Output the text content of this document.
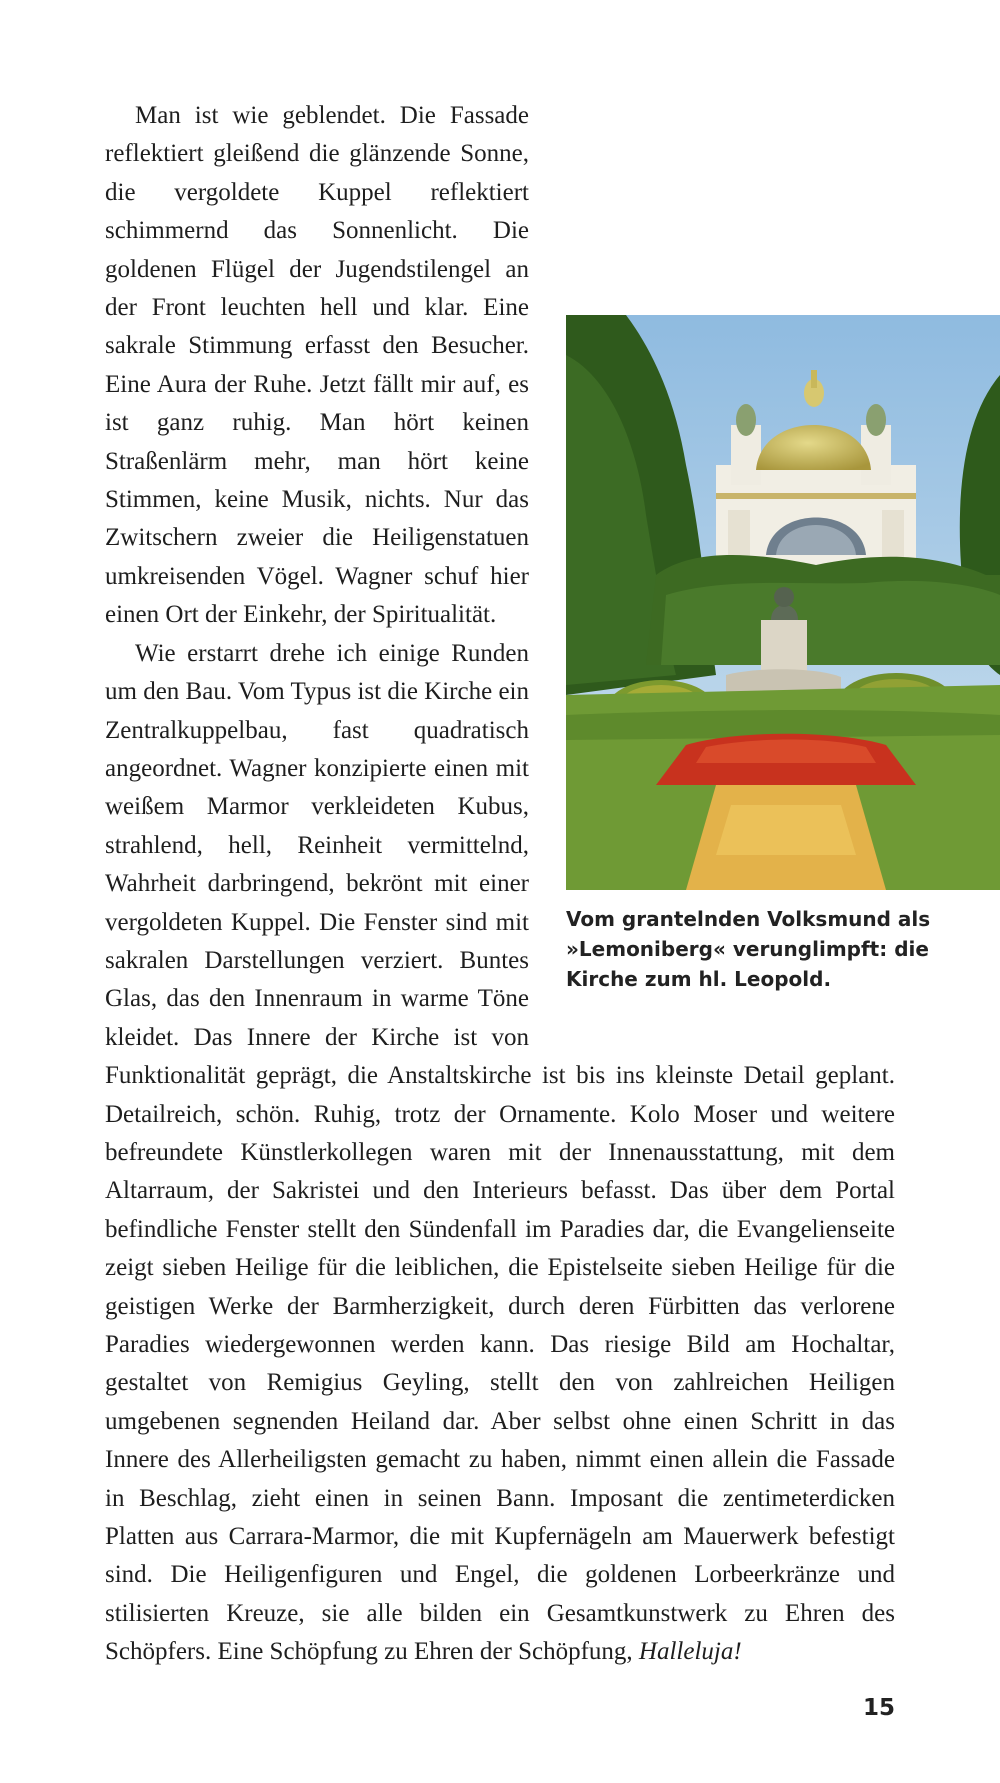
Man ist wie geblendet. Die Fassade reflektiert gleißend die glänzende Sonne, die vergoldete Kuppel reflektiert schimmernd das Sonnenlicht. Die goldenen Flügel der Jugendstilengel an der Front leuchten hell und klar. Eine sakrale Stimmung erfasst den Besucher. Eine Aura der Ruhe. Jetzt fällt mir auf, es ist ganz ruhig. Man hört keinen Straßenlärm mehr, man hört keine Stimmen, keine Musik, nichts. Nur das Zwitschern zweier die Heiligenstatuen umkreisenden Vögel. Wagner schuf hier einen Ort der Einkehr, der Spiritualität.

Wie erstarrt drehe ich einige Runden um den Bau. Vom Typus ist die Kirche ein Zentralkuppelbau, fast quadratisch angeordnet. Wagner konzipierte einen mit weißem Marmor verkleideten Kubus, strahlend, hell, Reinheit vermittelnd, Wahrheit darbringend, bekrönt mit einer vergoldeten Kuppel. Die Fenster sind mit sakralen Darstellungen verziert. Buntes Glas, das den Innenraum in warme Töne kleidet. Das Innere der Kirche ist von Funktionalität geprägt, die Anstaltskirche ist bis ins kleinste Detail geplant. Detailreich, schön. Ruhig, trotz der Ornamente. Kolo Moser und weitere befreundete Künstlerkollegen waren mit der Innenausstattung, mit dem Altarraum, der Sakristei und den Interieurs befasst. Das über dem Portal befindliche Fenster stellt den Sündenfall im Paradies dar, die Evangelienseite zeigt sieben Heilige für die leiblichen, die Epistelseite sieben Heilige für die geistigen Werke der Barmherzigkeit, durch deren Fürbitten das verlorene Paradies wiedergewonnen werden kann. Das riesige Bild am Hochaltar, gestaltet von Remigius Geyling, stellt den von zahlreichen Heiligen umgebenen segnenden Heiland dar. Aber selbst ohne einen Schritt in das Innere des Allerheiligsten gemacht zu haben, nimmt einen allein die Fassade in Beschlag, zieht einen in seinen Bann. Imposant die zentimeterdicken Platten aus Carrara-Marmor, die mit Kupfernägeln am Mauerwerk befestigt sind. Die Heiligenfiguren und Engel, die goldenen Lorbeerkränze und stilisierten Kreuze, sie alle bilden ein Gesamtkunstwerk zu Ehren des Schöpfers. Eine Schöpfung zu Ehren der Schöpfung, Halleluja!

Vom grantelnden Volksmund als »Lemoniberg« verunglimpft: die Kirche zum hl. Leopold.
15
